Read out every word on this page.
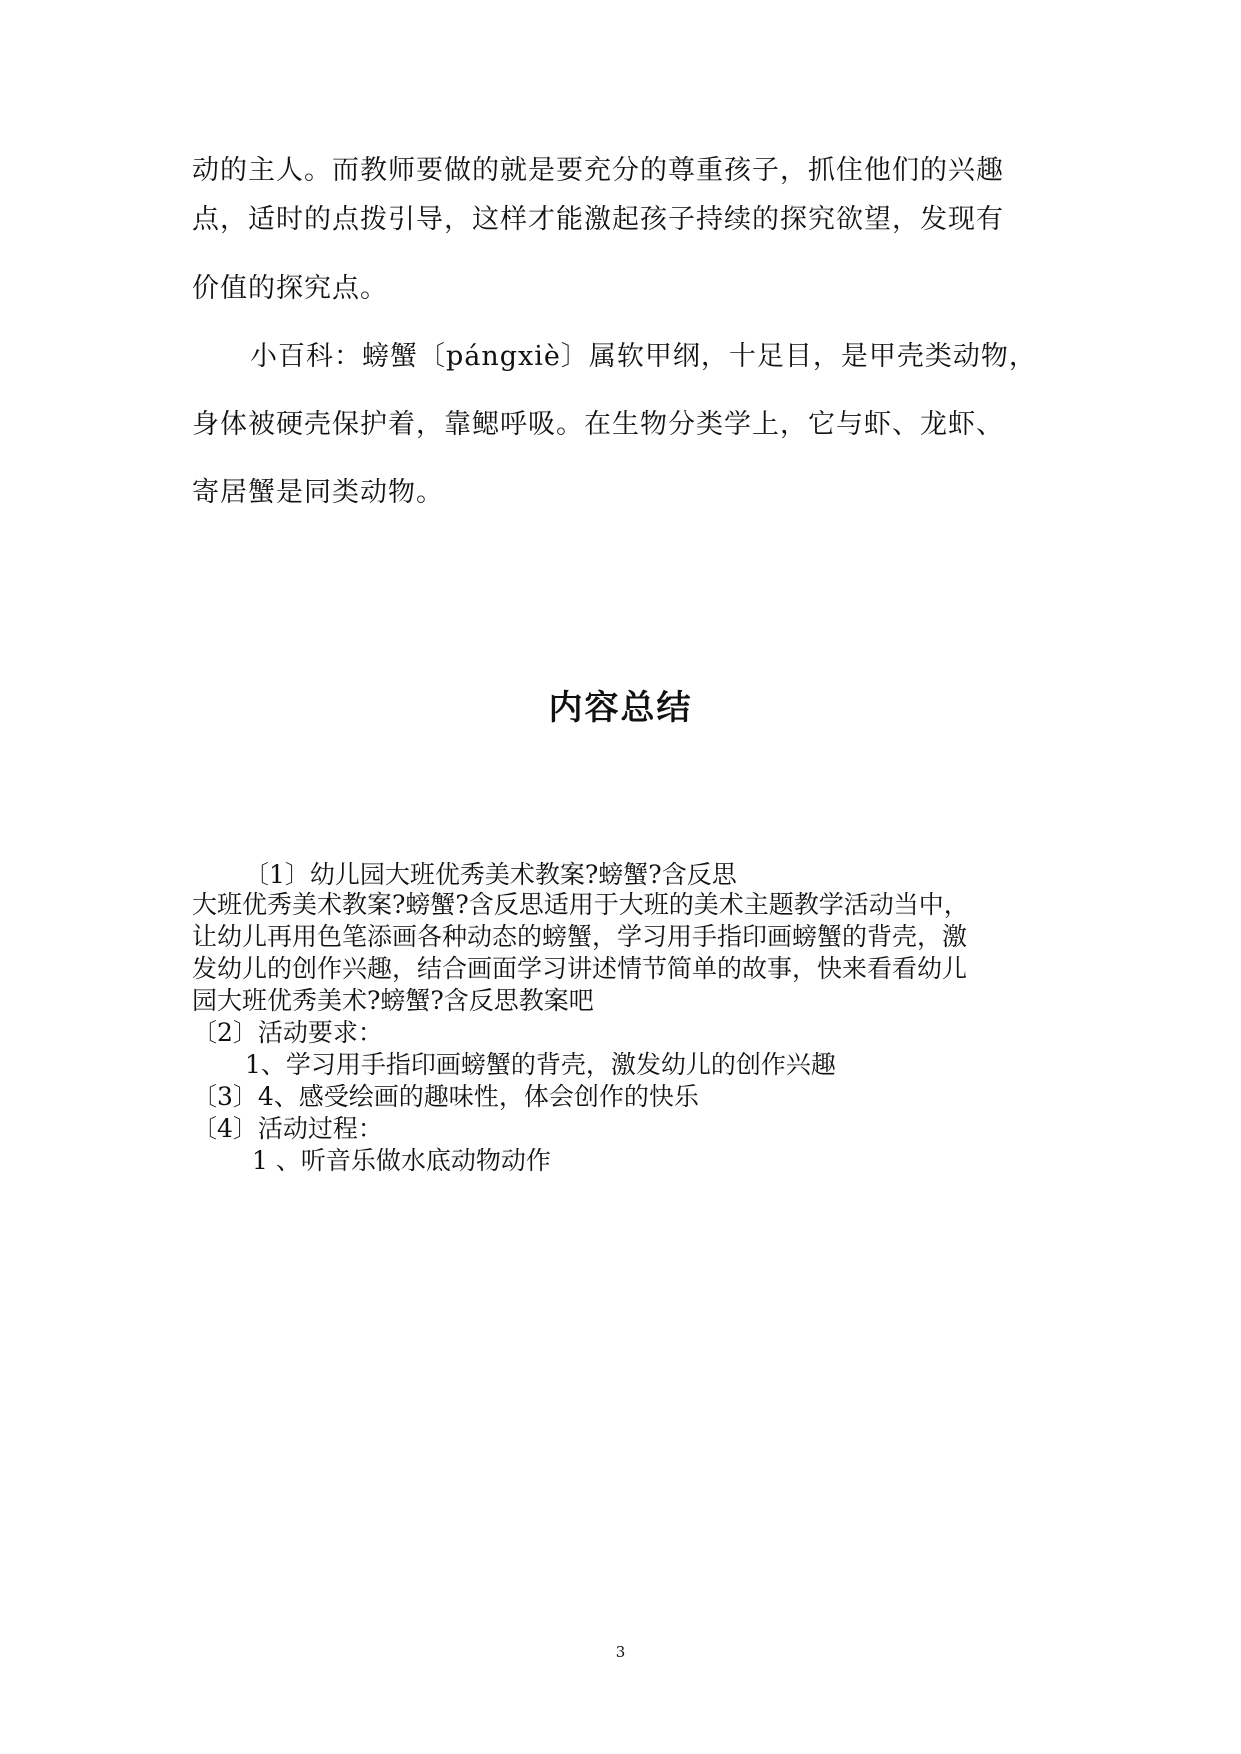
动的主人。而教师要做的就是要充分的尊重孩子，抓住他们的兴趣
点，适时的点拨引导，这样才能激起孩子持续的探究欲望，发现有
价值的探究点。
小百科：螃蟹〔pángxiè〕属软甲纲，十足目，是甲壳类动物，
身体被硬壳保护着，靠鳃呼吸。在生物分类学上，它与虾、龙虾、
寄居蟹是同类动物。
内容总结
〔1〕幼儿园大班优秀美术教案?螃蟹?含反思
大班优秀美术教案?螃蟹?含反思适用于大班的美术主题教学活动当中，
让幼儿再用色笔添画各种动态的螃蟹，学习用手指印画螃蟹的背壳，激
发幼儿的创作兴趣，结合画面学习讲述情节简单的故事，快来看看幼儿
园大班优秀美术?螃蟹?含反思教案吧
〔2〕活动要求：
1、学习用手指印画螃蟹的背壳，激发幼儿的创作兴趣
〔3〕4、感受绘画的趣味性，体会创作的快乐
〔4〕活动过程：
1 、听音乐做水底动物动作
3
